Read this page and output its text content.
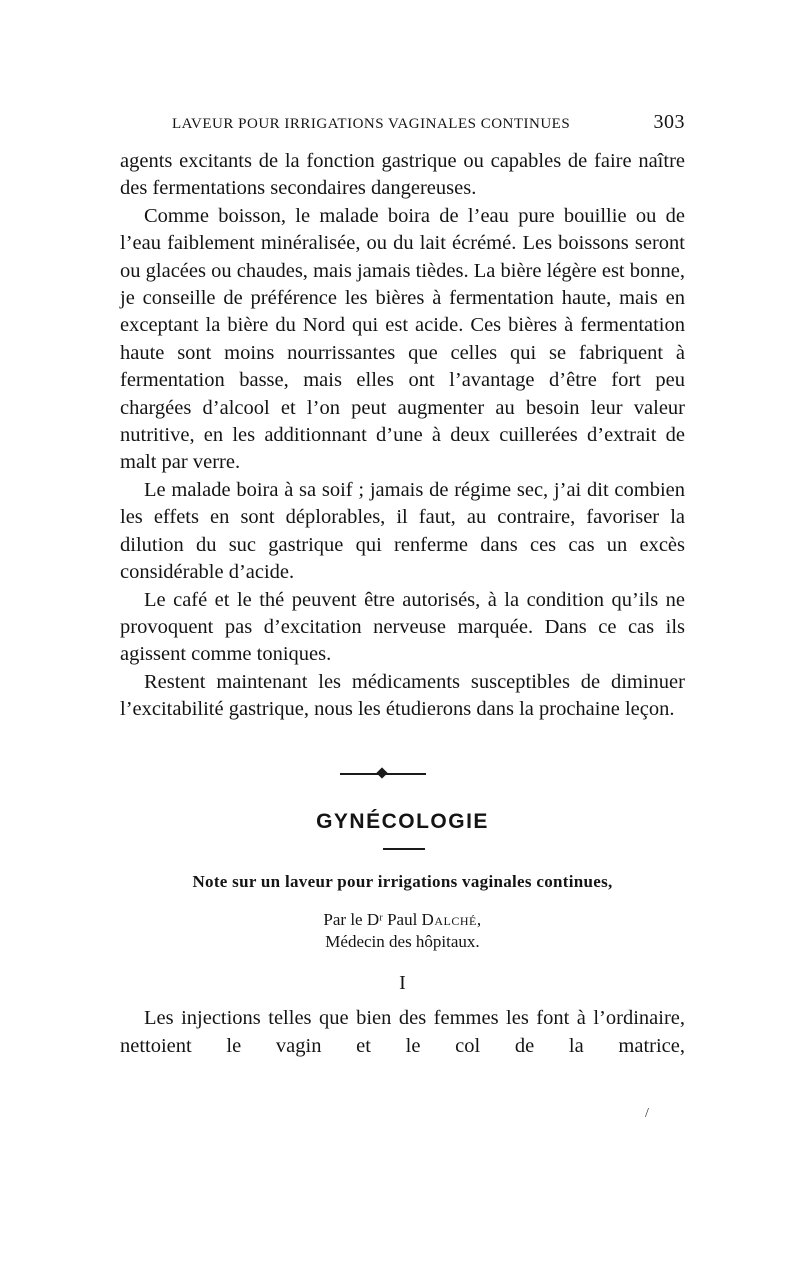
LAVEUR POUR IRRIGATIONS VAGINALES CONTINUES	303

agents excitants de la fonction gastrique ou capables de faire naître des fermentations secondaires dangereuses.

Comme boisson, le malade boira de l’eau pure bouillie ou de l’eau faiblement minéralisée, ou du lait écrémé. Les boissons seront ou glacées ou chaudes, mais jamais tièdes. La bière légère est bonne, je conseille de préférence les bières à fermentation haute, mais en exceptant la bière du Nord qui est acide. Ces bières à fermentation haute sont moins nourrissantes que celles qui se fabriquent à fermentation basse, mais elles ont l’avantage d’être fort peu chargées d’alcool et l’on peut augmenter au besoin leur valeur nutritive, en les additionnant d’une à deux cuillerées d’extrait de malt par verre.

Le malade boira à sa soif ; jamais de régime sec, j’ai dit combien les effets en sont déplorables, il faut, au contraire, favoriser la dilution du suc gastrique qui renferme dans ces cas un excès considérable d’acide.

Le café et le thé peuvent être autorisés, à la condition qu’ils ne provoquent pas d’excitation nerveuse marquée. Dans ce cas ils agissent comme toniques.

Restent maintenant les médicaments susceptibles de diminuer l’excitabilité gastrique, nous les étudierons dans la prochaine leçon.

GYNÉCOLOGIE
Note sur un laveur pour irrigations vaginales continues,
Par le Dʳ Paul Dalché,
Médecin des hôpitaux.
I

Les injections telles que bien des femmes les font à l’ordinaire, nettoient le vagin et le col de la matrice,

/
